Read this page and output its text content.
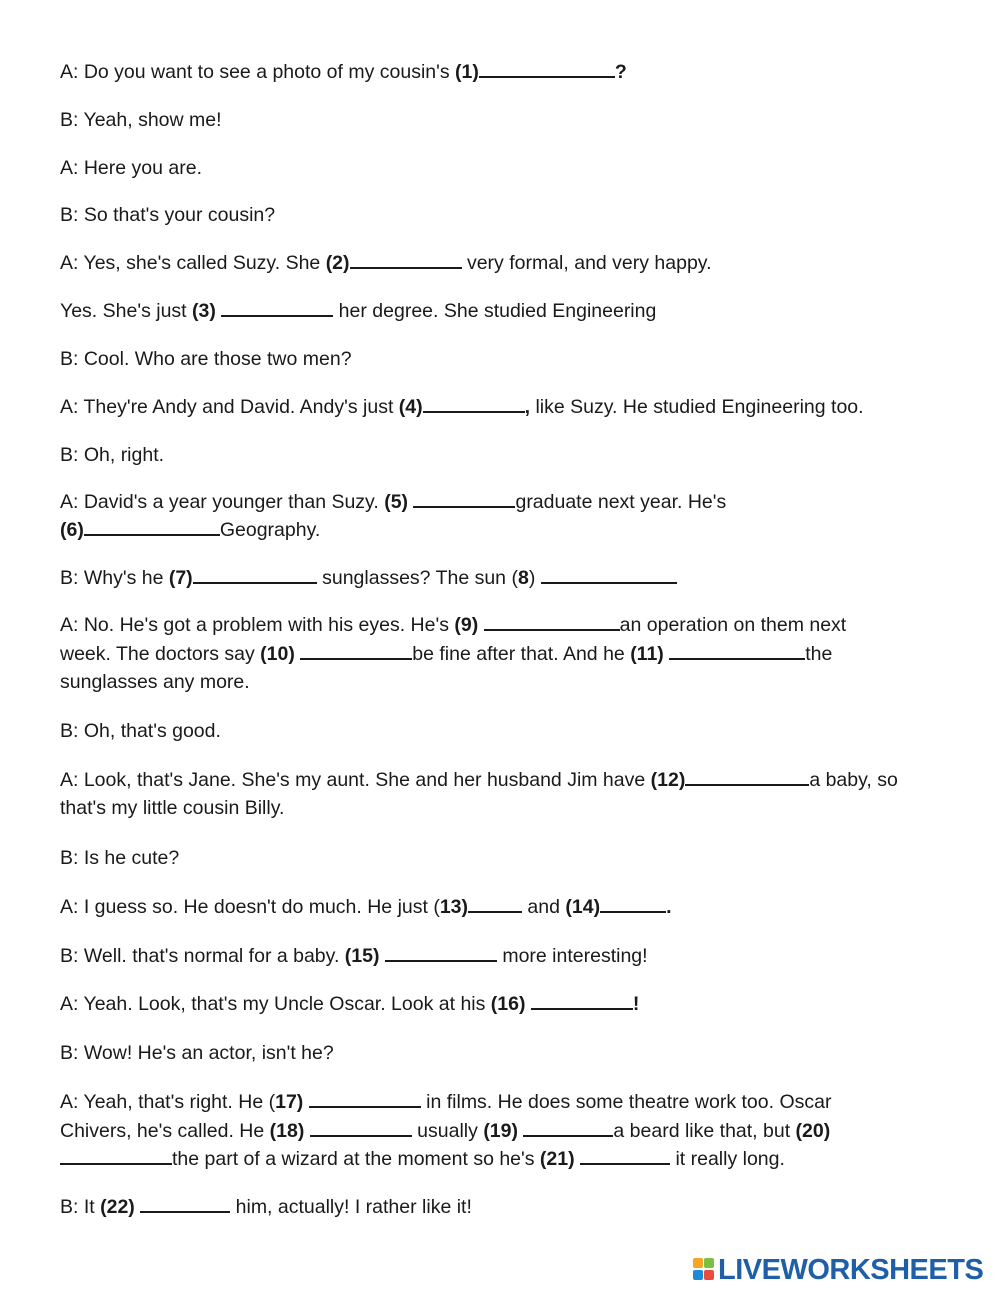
A: Do you want to see a photo of my cousin's (1)	?
B: Yeah, show me!
A: Here you are.
B: So that's your cousin?
A: Yes, she's called Suzy. She (2)	very formal, and very happy.
Yes. She's just (3)	her degree. She studied Engineering
B: Cool. Who are those two men?
A: They're Andy and David. Andy's just (4)	, like Suzy. He studied Engineering too.
B: Oh, right.
A: David's a year younger than Suzy. (5)	graduate next year. He's
(6)	Geography.
B: Why's he (7)	sunglasses? The sun (8)
A: No. He's got a problem with his eyes. He's (9)	an operation on them next
week. The doctors say (10)	be fine after that. And he (11)	the
sunglasses any more.
B: Oh, that's good.
A: Look, that's Jane. She's my aunt. She and her husband Jim have (12)	a baby, so
that's my little cousin Billy.
B: Is he cute?
A: I guess so. He doesn't do much. He just (13)	and (14)	.
B: Well. that's normal for a baby. (15)	more interesting!
A: Yeah. Look, that's my Uncle Oscar. Look at his (16)	!
B: Wow! He's an actor, isn't he?
A: Yeah, that's right. He (17)	in films. He does some theatre work too. Oscar
Chivers, he's called. He (18)	usually (19)	a beard like that, but (20)
the part of a wizard at the moment so he's (21)	it really long.
B: It (22)	him, actually! I rather like it!
LIVEWORKSHEETS
